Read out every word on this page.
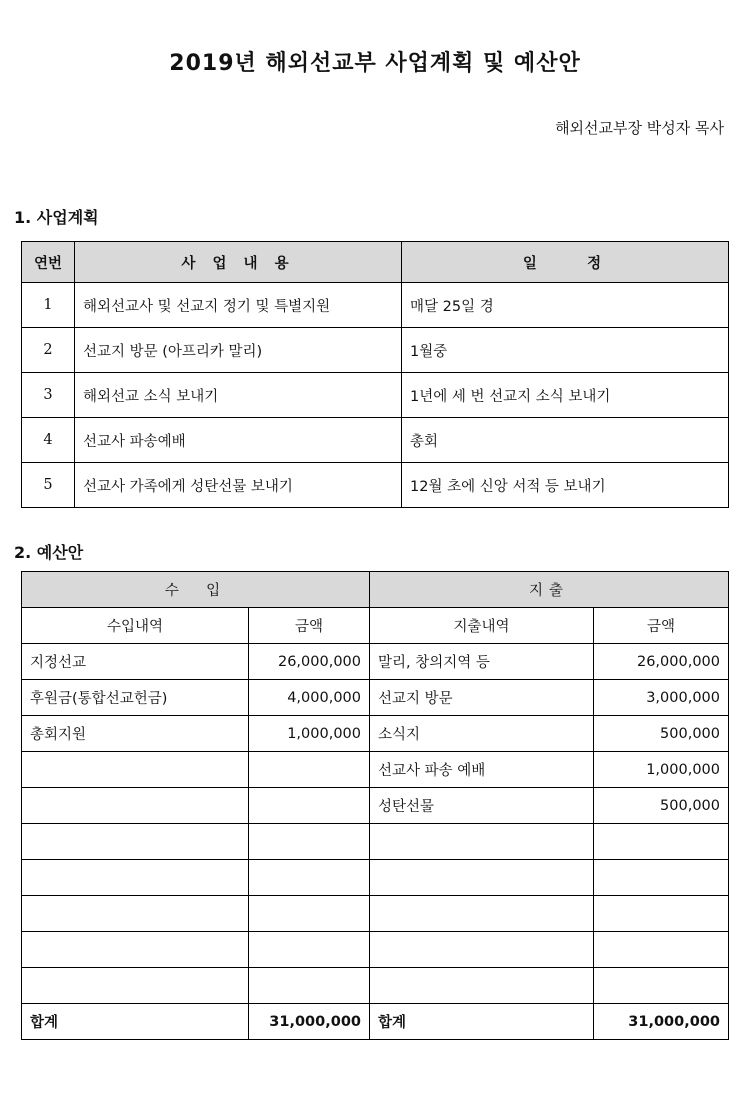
2019년 해외선교부 사업계획 및 예산안
해외선교부장 박성자 목사
1. 사업계획
연번	사 업 내 용	일    정
1	해외선교사 및 선교지 정기 및 특별지원	매달 25일 경
2	선교지 방문 (아프리카 말리)	1월중
3	해외선교 소식 보내기	1년에 세 번 선교지 소식 보내기
4	선교사 파송예배	총회
5	선교사 가족에게 성탄선물 보내기	12월 초에 신앙 서적 등 보내기
2. 예산안
수  입		지출	
수입내역	금액	지출내역	금액
지정선교	26,000,000	말리, 창의지역 등	26,000,000
후원금(통합선교헌금)	4,000,000	선교지 방문	3,000,000
총회지원	1,000,000	소식지	500,000
		선교사 파송 예배	1,000,000
		성탄선물	500,000

합계	31,000,000	합계	31,000,000
